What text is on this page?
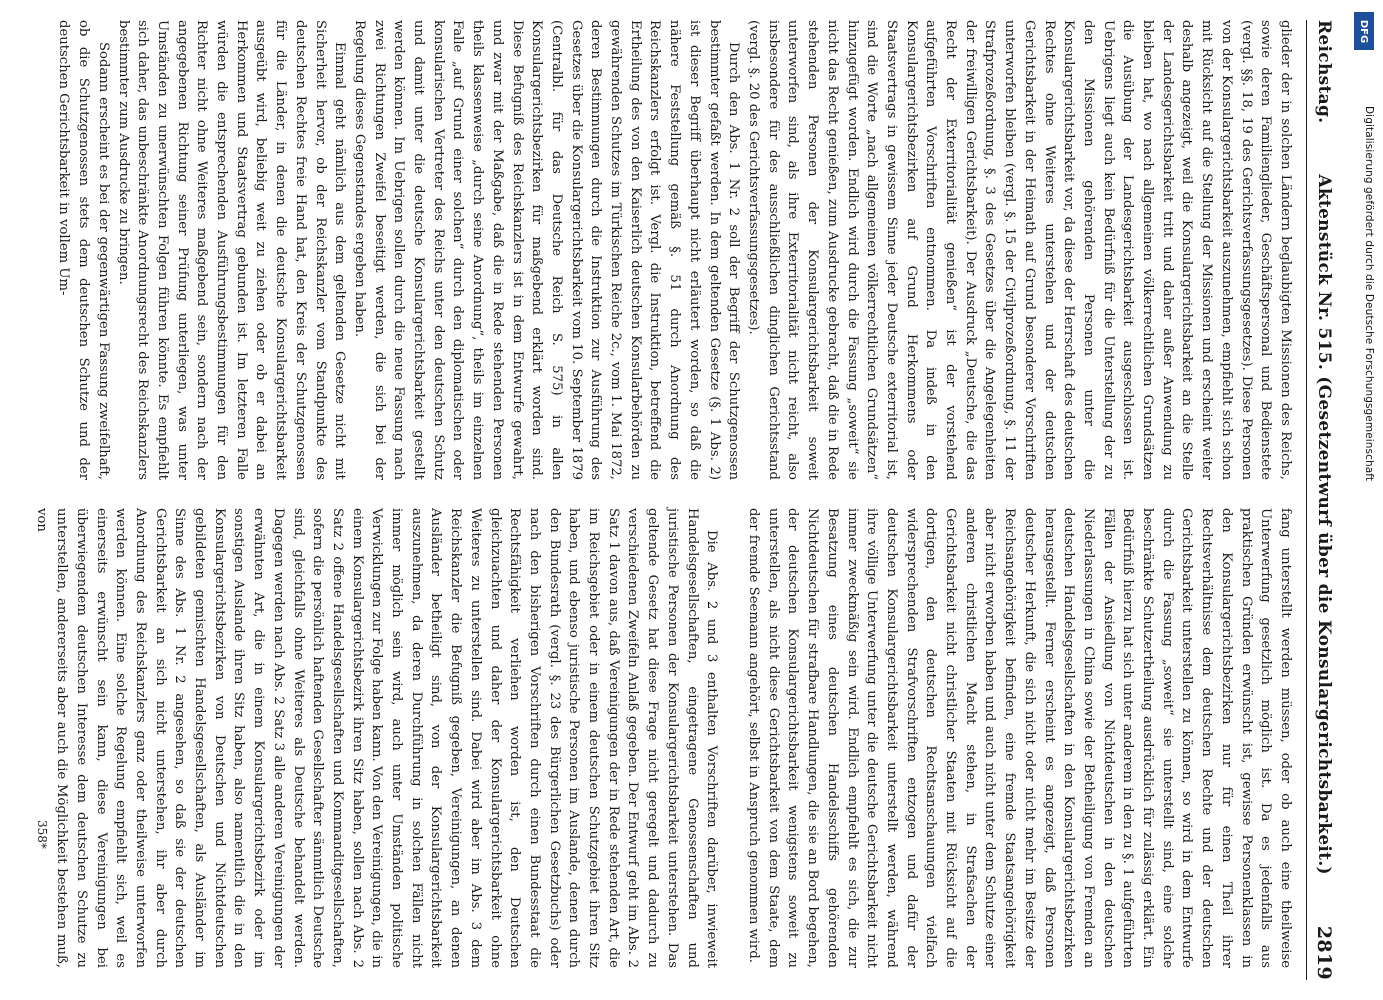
Reichstag.
Aktenstück Nr. 515. (Gesetzentwurf über die Konsulargerichtsbarkeit.)
2819

glieder der in solchen Ländern beglaubigten Missionen des Reichs, sowie deren Familienglieder, Geschäftspersonal und Bedienstete (vergl. §§. 18, 19 des Gerichtsverfassungsgesetzes). Diese Personen von der Konsulargerichtsbarkeit auszunehmen, empfiehlt sich schon mit Rücksicht auf die Stellung der Missionen und erscheint weiter deshalb angezeigt, weil die Konsulargerichtsbarkeit an die Stelle der Landesgerichtsbarkeit tritt und daher außer Anwendung zu bleiben hat, wo nach allgemeinen völkerrechtlichen Grundsätzen die Ausübung der Landesgerichtsbarkeit ausgeschlossen ist. Uebrigens liegt auch kein Bedürfniß für die Unterstellung der zu den Missionen gehörenden Personen unter die Konsulargerichtsbarkeit vor, da diese der Herrschaft des deutschen Rechtes ohne Weiteres unterstehen und der deutschen Gerichtsbarkeit in der Heimath auf Grund besonderer Vorschriften unterworfen bleiben (vergl. §. 15 der Civilprozeßordnung, §. 11 der Strafprozeßordnung, §. 3 des Gesetzes über die Angelegenheiten der freiwilligen Gerichtsbarkeit). Der Ausdruck „Deutsche, die das Recht der Exterritorialität genießen“ ist der vorstehend aufgeführten Vorschriften entnommen. Da indeß in den Konsulargerichtsbezirken auf Grund Herkommens oder Staatsvertrags in gewissem Sinne jeder Deutsche exterritorial ist, sind die Worte „nach allgemeinen völkerrechtlichen Grundsätzen“ hinzugefügt worden. Endlich wird durch die Fassung „soweit“ sie nicht das Recht genießen, zum Ausdrucke gebracht, daß die in Rede stehenden Personen der Konsulargerichtsbarkeit soweit unterworfen sind, als ihre Exterritorialität nicht reicht, also insbesondere für des ausschließlichen dinglichen Gerichtsstand (vergl. §. 20 des Gerichtsverfassungsgesetzes).

Durch den Abs. 1 Nr. 2 soll der Begriff der Schutzgenossen bestimmter gefaßt werden. In dem geltenden Gesetze (§. 1 Abs. 2) ist dieser Begriff überhaupt nicht erläutert worden, so daß die nähere Feststellung gemäß §. 51 durch Anordnung des Reichskanzlers erfolgt ist. Vergl. die Instruktion, betreffend die Ertheilung des von den Kaiserlich deutschen Konsularbehörden zu gewährenden Schutzes im Türkischen Reiche 2c., vom 1. Mai 1872, deren Bestimmungen durch die Instruktion zur Ausführung des Gesetzes über die Konsulargerichtsbarkeit vom 10. September 1879 (Centralbl. für das Deutsche Reich S. 575) in allen Konsulargerichtsbezirken für maßgebend erklärt worden sind. Diese Befugniß des Reichskanzlers ist in dem Entwurfe gewahrt, und zwar mit der Maßgabe, daß die in Rede stehenden Personen theils klassenweise „durch seine Anordnung“, theils im einzelnen Falle „auf Grund einer solchen“ durch den diplomatischen oder konsularischen Vertreter des Reichs unter den deutschen Schutz und damit unter die deutsche Konsulargerichtsbarkeit gestellt werden können. Im Uebrigen sollen durch die neue Fassung nach zwei Richtungen Zweifel beseitigt werden, die sich bei der Regelung dieses Gegenstandes ergeben haben.

Einmal geht nämlich aus dem geltenden Gesetze nicht mit Sicherheit hervor, ob der Reichskanzler vom Standpunkte des deutschen Rechtes freie Hand hat, den Kreis der Schutzgenossen für die Länder, in denen die deutsche Konsulargerichtsbarkeit ausgeübt wird, beliebig weit zu ziehen oder ob er dabei an Herkommen und Staatsvertrag gebunden ist. Im letzteren Falle würden die entsprechenden Ausführungsbestimmungen für den Richter nicht ohne Weiteres maßgebend sein, sondern nach der angegebenen Richtung seiner Prüfung unterliegen, was unter Umständen zu unerwünschten Folgen führen könnte. Es empfiehlt sich daher, das unbeschränkte Anordnungsrecht des Reichskanzlers bestimmter zum Ausdrucke zu bringen.

Sodann erscheint es bei der gegenwärtigen Fassung zweifelhaft, ob die Schutzgenossen stets dem deutschen Schutze und der deutschen Gerichtsbarkeit in vollem Um-

fang unterstellt werden müssen, oder ob auch eine theilweise Unterwerfung gesetzlich möglich ist. Da es jedenfalls aus praktischen Gründen erwünscht ist, gewisse Personenklassen in den Konsulargerichtsbezirken nur für einen Theil ihrer Rechtsverhältnisse dem deutschen Rechte und der deutschen Gerichtsbarkeit unterstellen zu können, so wird in dem Entwurfe durch die Fassung „soweit“ sie unterstellt sind, eine solche beschränkte Schutzertheilung ausdrücklich für zulässig erklärt. Ein Bedürfniß hierzu hat sich unter anderem in den zu §. 1 aufgeführten Fällen der Ansiedlung von Nichtdeutschen in den deutschen Niederlassungen in China sowie der Betheiligung von Fremden an deutschen Handelsgesellschaften in den Konsulargerichtsbezirken herausgestellt. Ferner erscheint es angezeigt, daß Personen deutscher Herkunft, die sich nicht oder nicht mehr im Besitze der Reichsangehörigkeit befinden, eine fremde Staatsangehörigkeit aber nicht erworben haben und auch nicht unter dem Schutze einer anderen christlichen Macht stehen, in Strafsachen der Gerichtsbarkeit nicht christlicher Staaten mit Rücksicht auf die dortigen, den deutschen Rechtsanschauungen vielfach widersprechenden Strafvorschriften entzogen und dafür der deutschen Konsulargerichtsbarkeit unterstellt werden, während ihre völlige Unterwerfung unter die deutsche Gerichtsbarkeit nicht immer zweckmäßig sein wird. Endlich empfiehlt es sich, die zur Besatzung eines deutschen Handelsschiffs gehörenden Nichtdeutschen für strafbare Handlungen, die sie an Bord begehen, der deutschen Konsulargerichtsbarkeit wenigstens soweit zu unterstellen, als nicht diese Gerichtsbarkeit von dem Staate, dem der fremde Seemann angehört, selbst in Anspruch genommen wird.

Die Abs. 2 und 3 enthalten Vorschriften darüber, inwieweit Handelsgesellschaften, eingetragene Genossenschaften und juristische Personen der Konsulargerichtsbarkeit unterstehen. Das geltende Gesetz hat diese Frage nicht geregelt und dadurch zu verschiedenen Zweifeln Anlaß gegeben. Der Entwurf geht im Abs. 2 Satz 1 davon aus, daß Vereinigungen der in Rede stehenden Art, die im Reichsgebiet oder in einem deutschen Schutzgebiet ihren Sitz haben, und ebenso juristische Personen im Auslande, denen durch den Bundesrath (vergl. §. 23 des Bürgerlichen Gesetzbuchs) oder nach den bisherigen Vorschriften durch einen Bundesstaat die Rechtsfähigkeit verliehen worden ist, den Deutschen gleichzuachten und daher der Konsulargerichtsbarkeit ohne Weiteres zu unterstellen sind. Dabei wird aber im Abs. 3 dem Reichskanzler die Befugniß gegeben, Vereinigungen, an denen Ausländer betheiligt sind, von der Konsulargerichtsbarkeit auszunehmen, da deren Durchführung in solchen Fällen nicht immer möglich sein wird, auch unter Umständen politische Verwicklungen zur Folge haben kann. Von den Vereinigungen, die in einem Konsulargerichtsbezirk ihren Sitz haben, sollen nach Abs. 2 Satz 2 offene Handelsgesellschaften und Kommanditgesellschaften, sofern die persönlich haftenden Gesellschafter sämmtlich Deutsche sind, gleichfalls ohne Weiteres als Deutsche behandelt werden. Dagegen werden nach Abs. 2 Satz 3 alle anderen Vereinigungen der erwähnten Art, die in einem Konsulargerichtsbezirk oder im sonstigen Auslande ihren Sitz haben, also namentlich die in den Konsulargerichtsbezirken von Deutschen und Nichtdeutschen gebildeten gemischten Handelsgesellschaften, als Ausländer im Sinne des Abs. 1 Nr. 2 angesehen, so daß sie der deutschen Gerichtsbarkeit an sich nicht unterstehen, ihr aber durch Anordnung des Reichskanzlers ganz oder theilweise unterworfen werden können. Eine solche Regelung empfiehlt sich, weil es einerseits erwünscht sein kann, diese Vereinigungen bei überwiegendem deutschen Interesse dem deutschen Schutze zu unterstellen, andererseits aber auch die Möglichkeit bestehen muß, von

358*
DFG
Digitalisierung gefördert durch die Deutsche Forschungsgemeinschaft
